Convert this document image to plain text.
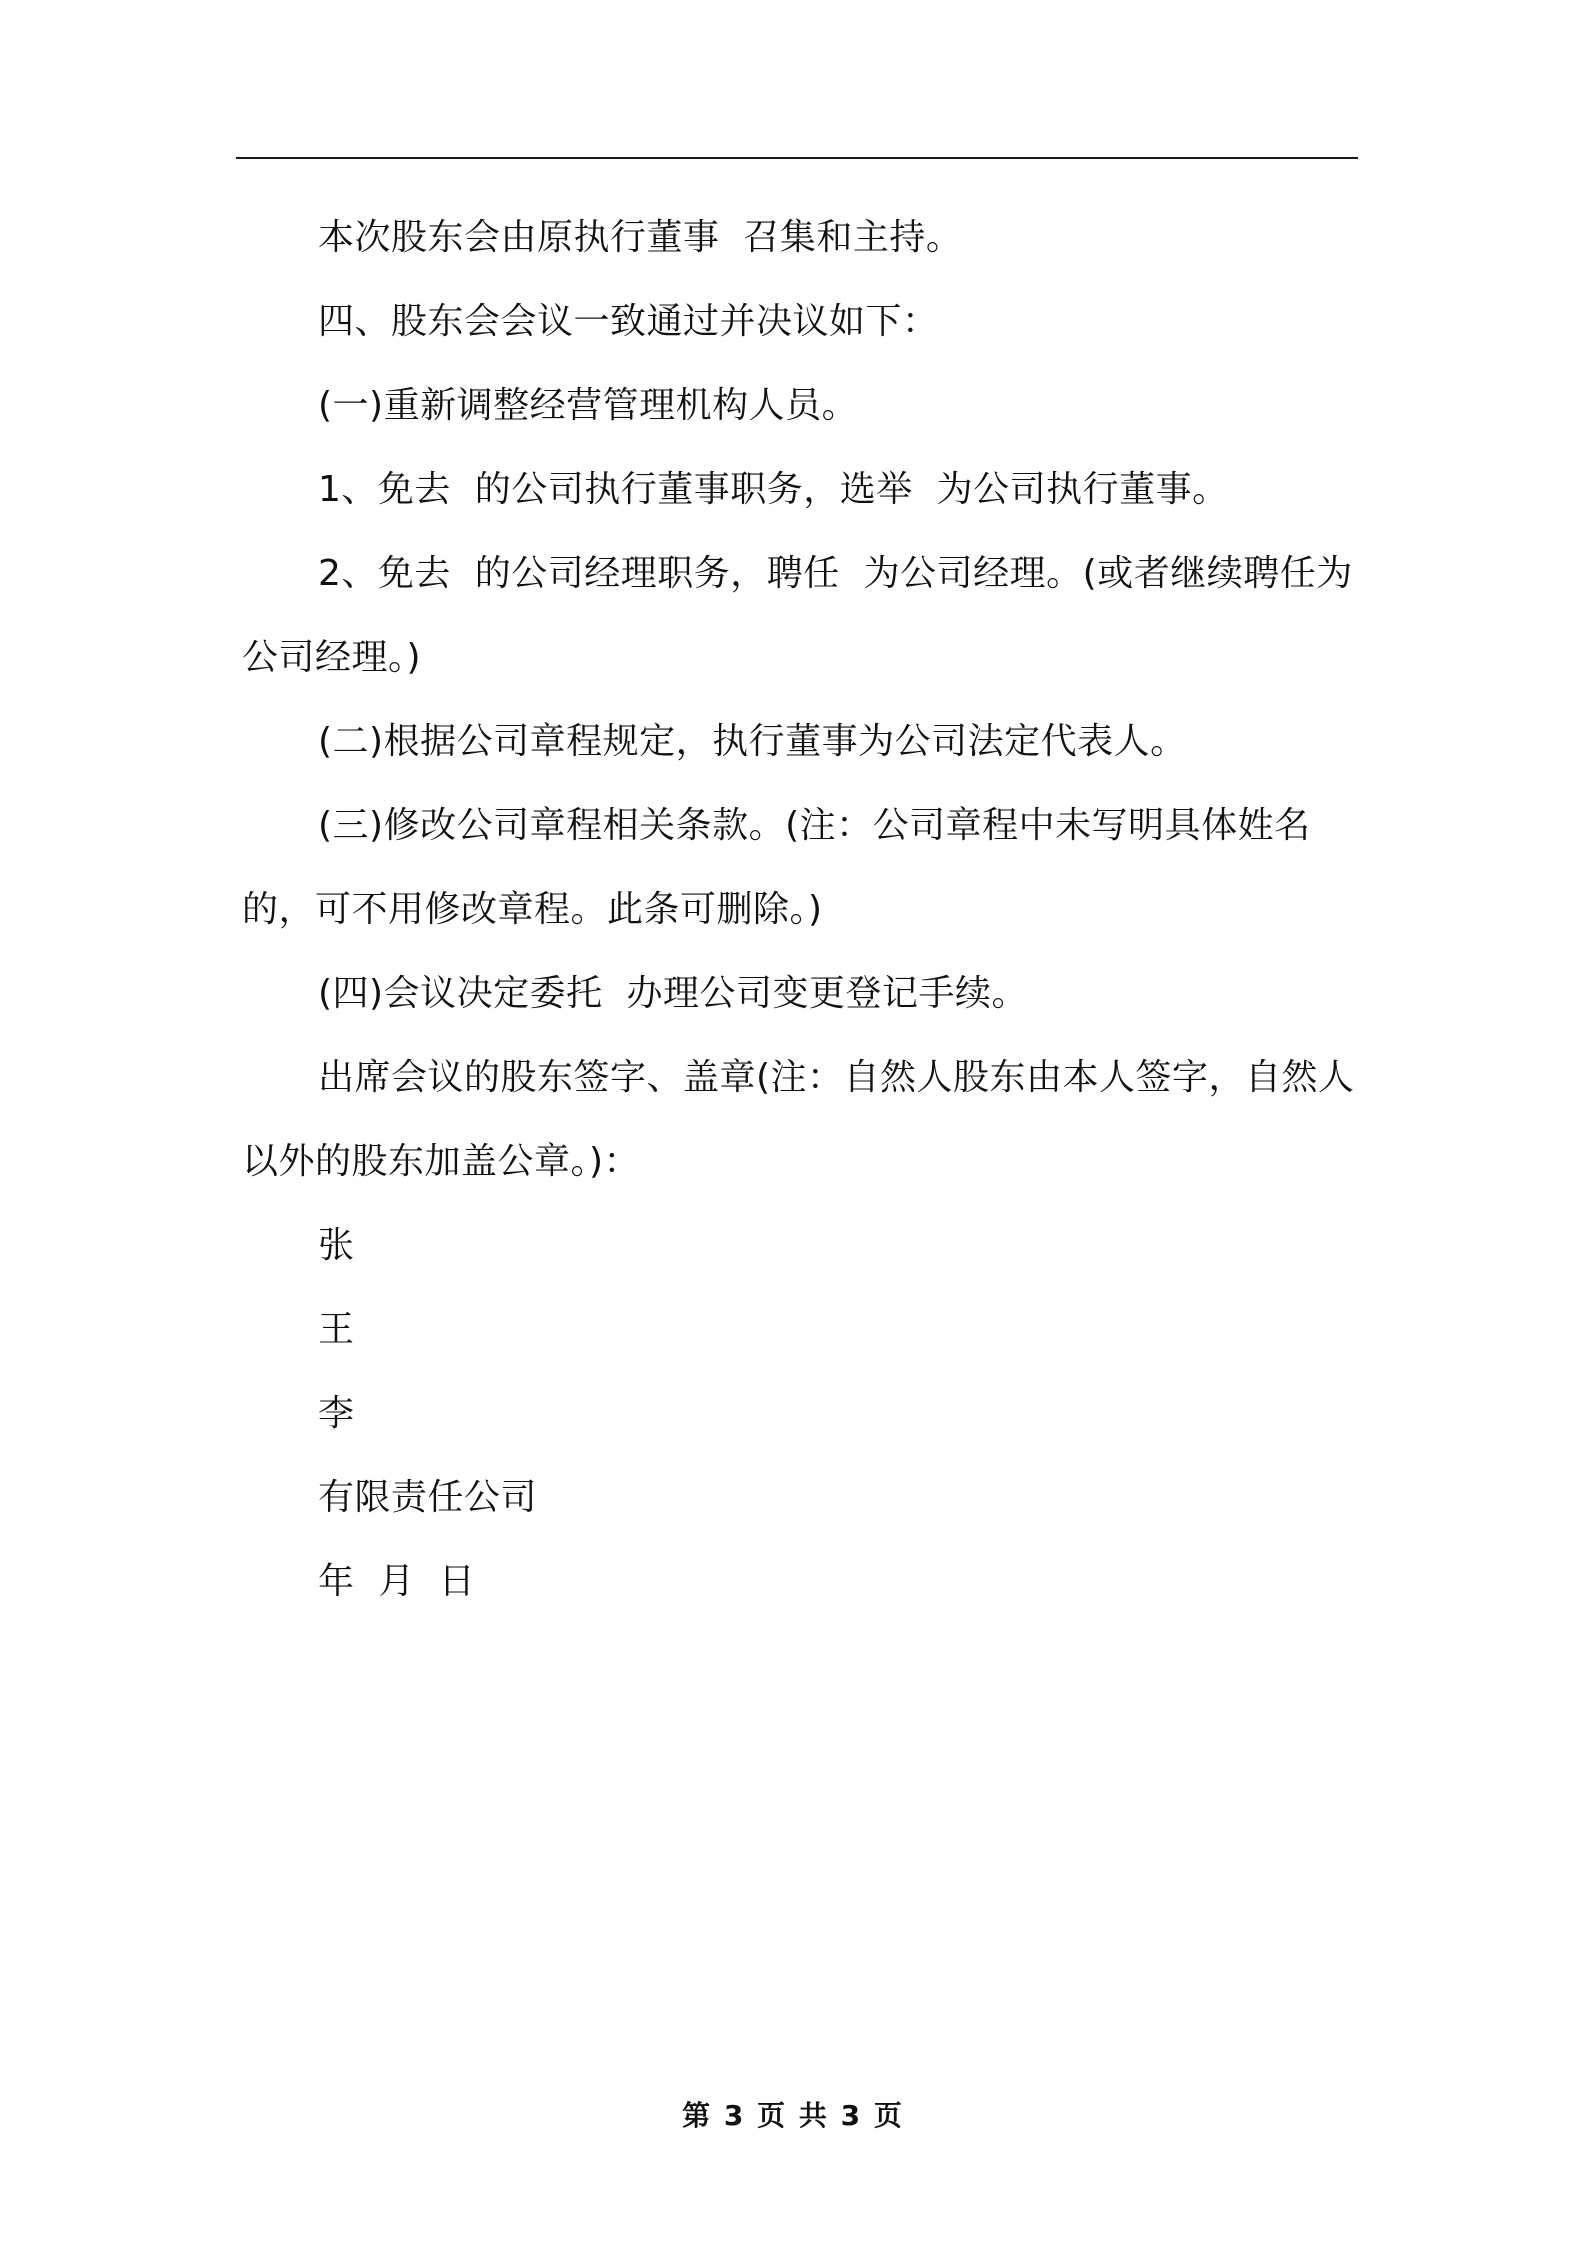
本次股东会由原执行董事  召集和主持。

四、股东会会议一致通过并决议如下：

(一)重新调整经营管理机构人员。

1、免去  的公司执行董事职务，选举  为公司执行董事。

2、免去  的公司经理职务，聘任  为公司经理。(或者继续聘任为公司经理。)

(二)根据公司章程规定，执行董事为公司法定代表人。

(三)修改公司章程相关条款。(注：公司章程中未写明具体姓名的，可不用修改章程。此条可删除。)

(四)会议决定委托  办理公司变更登记手续。

出席会议的股东签字、盖章(注：自然人股东由本人签字，自然人以外的股东加盖公章。)：

张

王

李

有限责任公司

年  月  日

第 3 页 共 3 页
